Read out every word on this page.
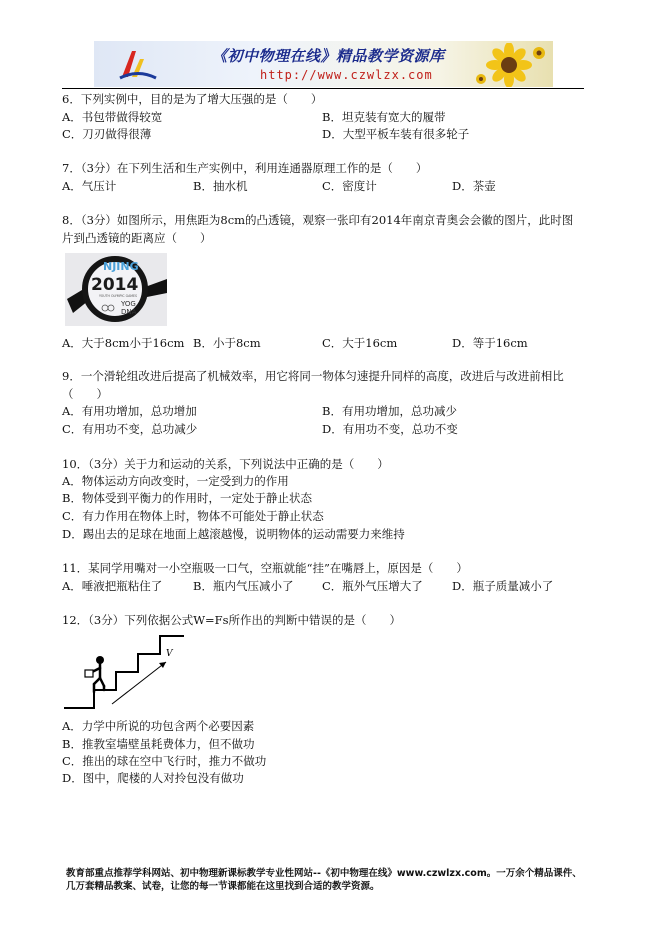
《初中物理在线》精品教学资源库
http://www.czwlzx.com
6．下列实例中，目的是为了增大压强的是（　　）
A．书包带做得较宽	B．坦克装有宽大的履带
C．刀刃做得很薄	D．大型平板车装有很多轮子
7．（3分）在下列生活和生产实例中，利用连通器原理工作的是（　　）
A．气压计	B．抽水机	C．密度计	D．茶壶
8．（3分）如图所示，用焦距为8cm的凸透镜，观察一张印有2014年南京青奥会会徽的图片，此时图
片到凸透镜的距离应（　　）
NJING
2014
YOUTH OLYMPIC GAMES
YOG
DNA
A．大于8cm小于16cm B．小于8cm	C．大于16cm	D．等于16cm
9．一个滑轮组改进后提高了机械效率，用它将同一物体匀速提升同样的高度，改进后与改进前相比
（　　）
A．有用功增加，总功增加	B．有用功增加，总功减少
C．有用功不变，总功减少	D．有用功不变，总功不变
10．（3分）关于力和运动的关系，下列说法中正确的是（　　）
A．物体运动方向改变时，一定受到力的作用
B．物体受到平衡力的作用时，一定处于静止状态
C．有力作用在物体上时，物体不可能处于静止状态
D．踢出去的足球在地面上越滚越慢，说明物体的运动需要力来维持
11．某同学用嘴对一小空瓶吸一口气，空瓶就能“挂”在嘴唇上，原因是（　　）
A．唾液把瓶粘住了	B．瓶内气压减小了 C．瓶外气压增大了	D．瓶子质量减小了
12．（3分）下列依据公式W=Fs所作出的判断中错误的是（　　）
V
A．力学中所说的功包含两个必要因素
B．推教室墙壁虽耗费体力，但不做功
C．推出的球在空中飞行时，推力不做功
D．图中，爬楼的人对拎包没有做功
教育部重点推荐学科网站、初中物理新课标教学专业性网站--《初中物理在线》www.czwlzx.com。一万余个精品课件、
几万套精品教案、试卷，让您的每一节课都能在这里找到合适的教学资源。
